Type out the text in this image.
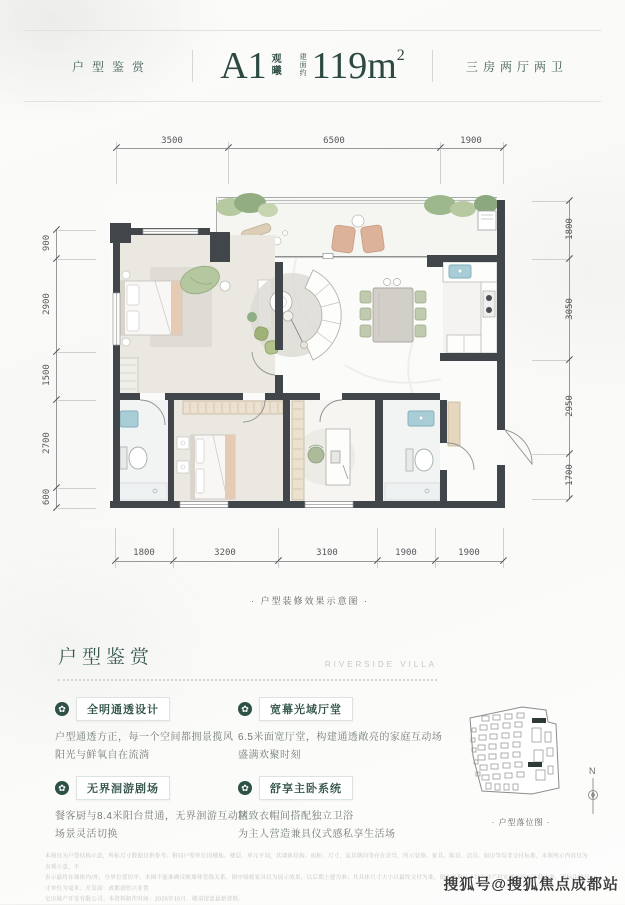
户型鉴赏	A1 观
曦
建面约 $119m^2$
三房两厅两卫
3500	6500	1900
1800	3200	3100	1900	1900
900
2900
1500
2700
600
1800
3050
2950
1700
· 户型装修效果示意图 ·
户型鉴赏	RIVERSIDE VILLA
✿	全明通透设计
户型通透方正，每一个空间都拥景揽风
阳光与鲜氧自在流淌
✿	宽幕光域厅堂
6.5米面宽厅堂，构建通透敞亮的家庭互动场
盛满欢聚时刻
✿	无界洄游剧场
餐客厨与8.4米阳台贯通，无界洄游互动区
场景灵活切换
✿	舒享主卧系统
精致衣帽间搭配独立卫浴
为主人营造兼具仪式感私享生活场
N
· 户型落位图 ·
本图仅为户型结构示意，所标尺寸数据仅供参考；相同户型单位因楼栋、楼层、单元不同，其墙体结构、面积、尺寸，及其朝向等存在差异，所示装修、家具、陈设、洁具、厨房等均非交付标准，本图所示内容仅为直观示意，不
表示最终在墙体内/外，分界位置居中，本图不能准确反映墙体管线关系，图中绿植家具仅为展示效果，以后期土建为准；其具体尺寸大小以最终交付为准，图中面积尺寸以不动产权实测及相应证载为准，所标注的尺寸单位为毫米；开发商：成都润恒兴业置
宅房地产开发有限公司；本资料制作时间：2025年10月，敬请留意最新资料。
搜狐号@搜狐焦点成都站
